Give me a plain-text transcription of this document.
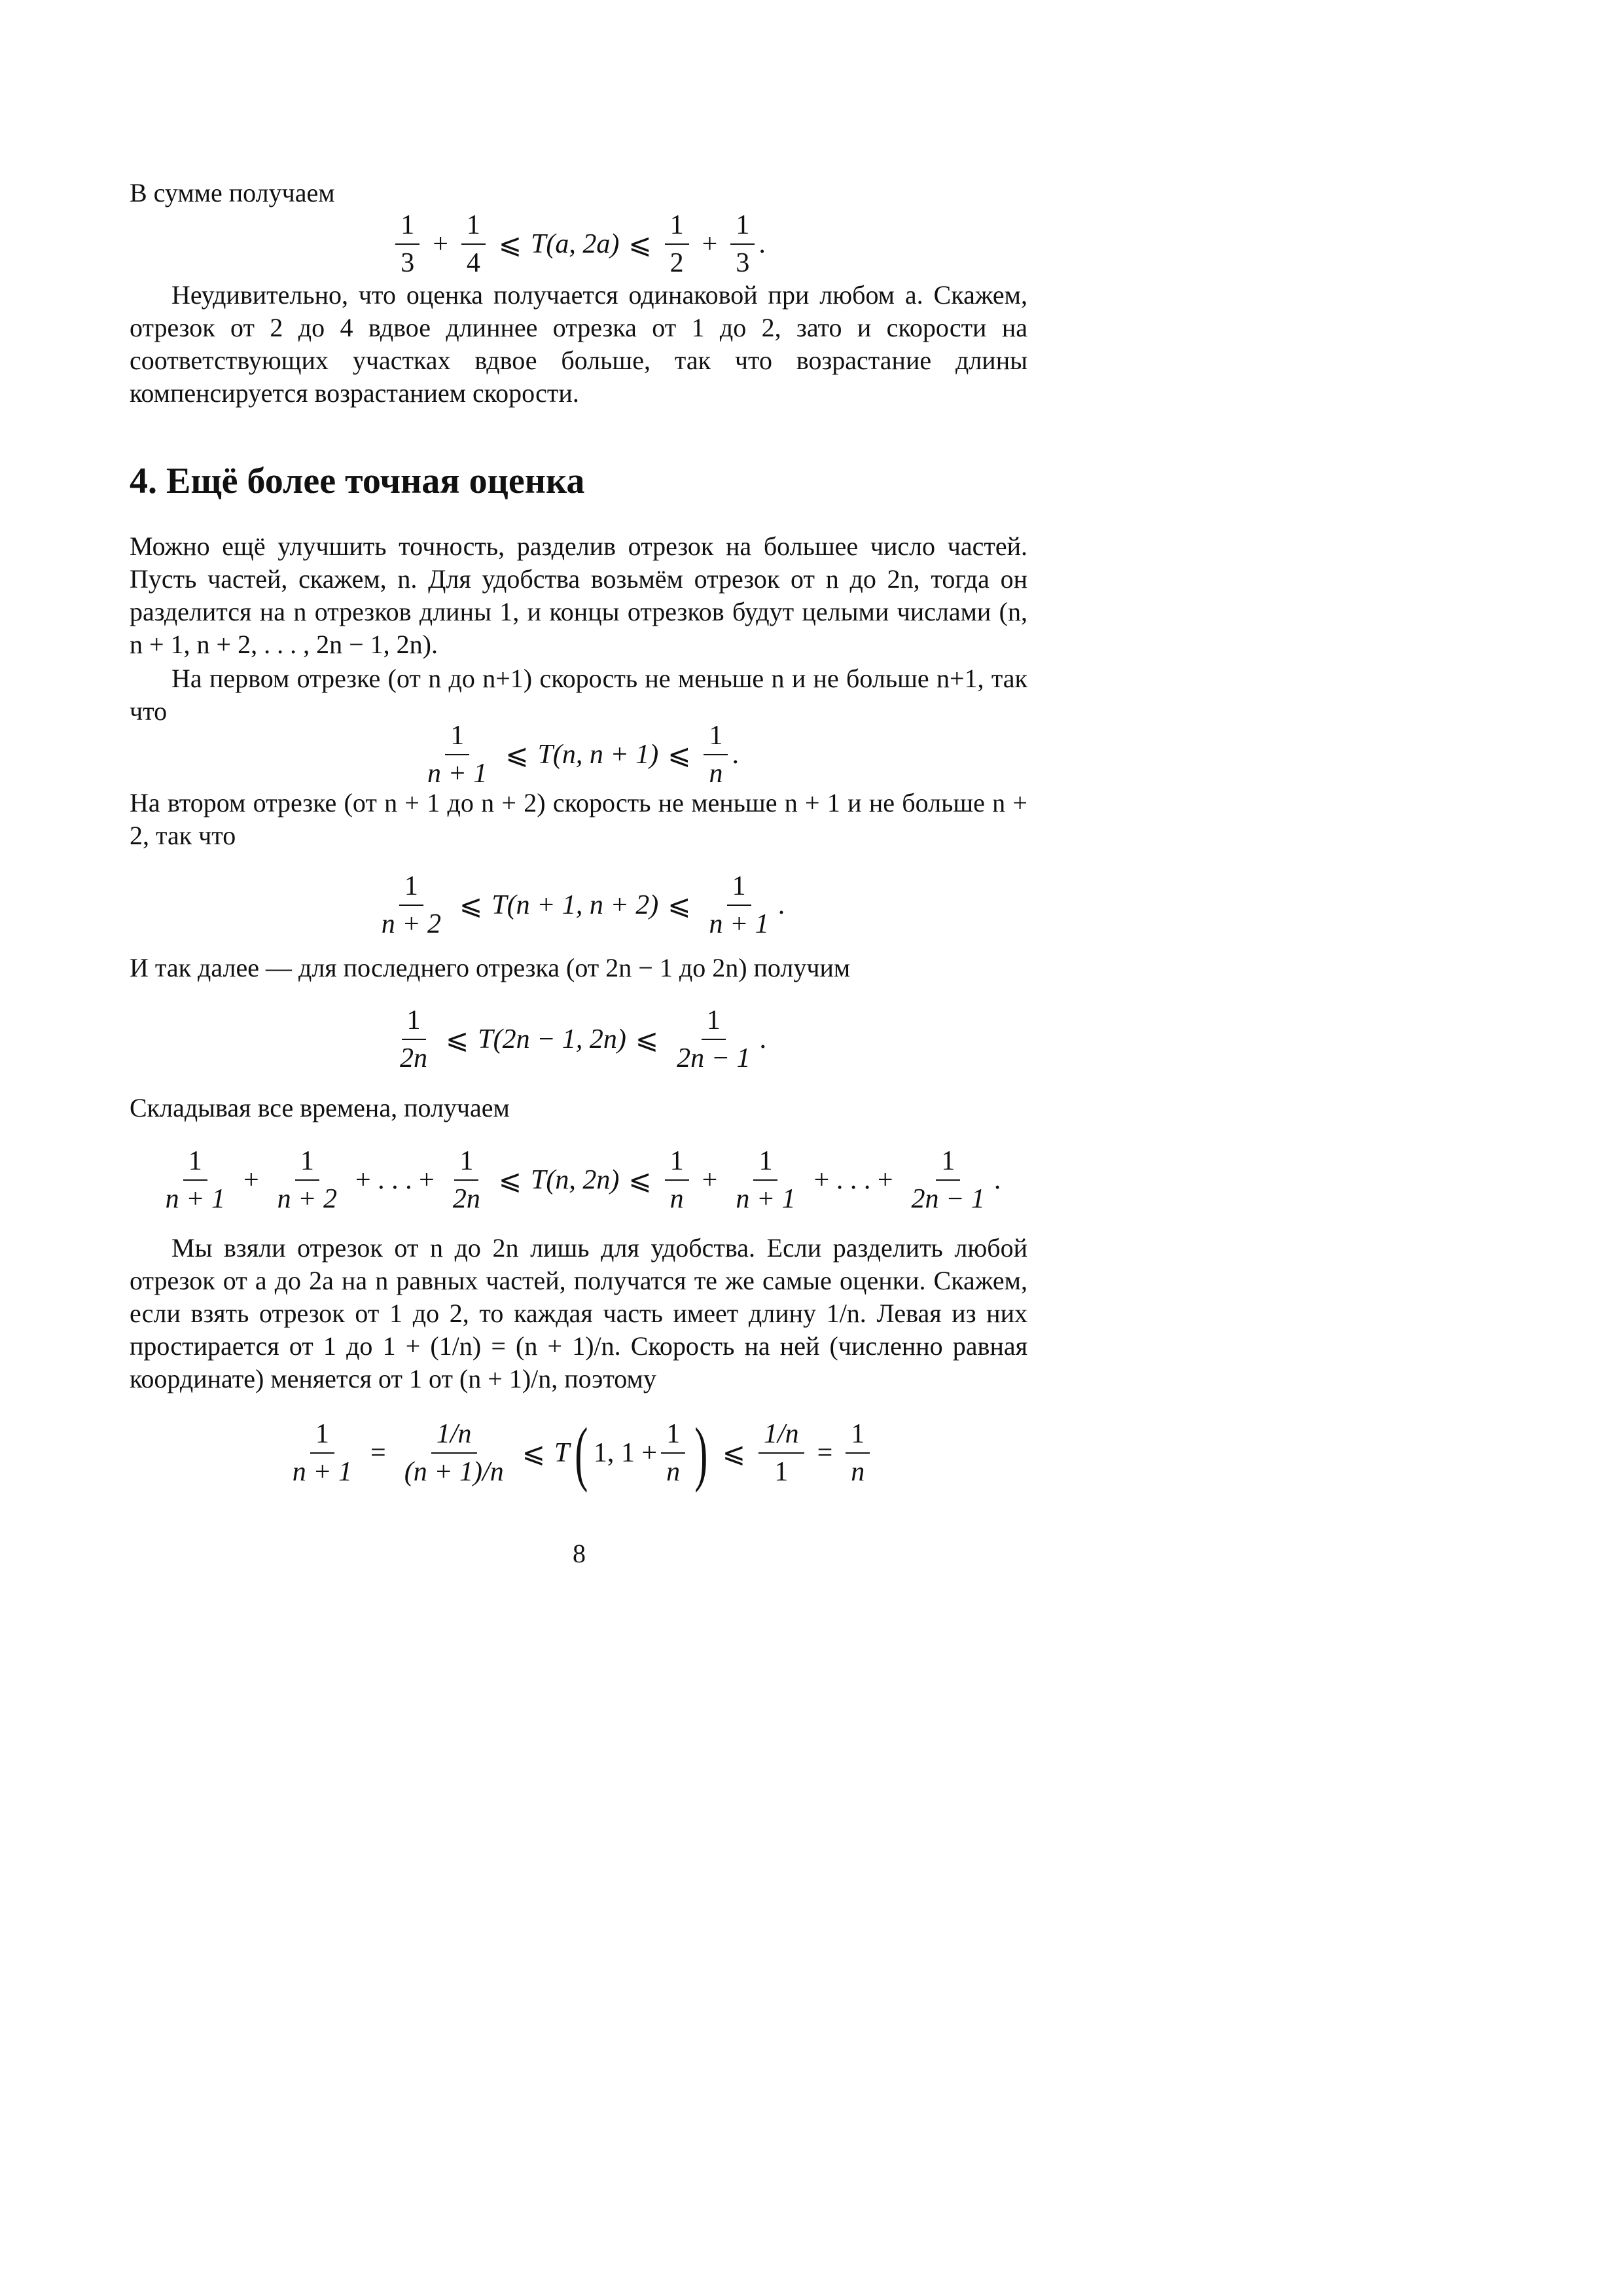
В сумме получаем

$\frac{1}{3} + \frac{1}{4}$ ⩽ T(a, 2a) ⩽ $\frac{1}{2} + \frac{1}{3}$ .

Неудивительно, что оценка получается одинаковой при любом a. Скажем, отрезок от 2 до 4 вдвое длиннее отрезка от 1 до 2, зато и скорости на соответствующих участках вдвое больше, так что возрастание длины компенсируется возрастанием скорости.

4. Ещё более точная оценка

Можно ещё улучшить точность, разделив отрезок на большее число частей. Пусть частей, скажем, n. Для удобства возьмём отрезок от n до 2n, тогда он разделится на n отрезков длины 1, и концы отрезков будут целыми числами (n, n + 1, n + 2, . . . , 2n − 1, 2n).

На первом отрезке (от n до n+1) скорость не меньше n и не больше n+1, так что

$\frac{1}{n + 1}$ ⩽ T(n, n + 1) ⩽ $\frac{1}{n}$ .

На втором отрезке (от n + 1 до n + 2) скорость не меньше n + 1 и не больше n + 2, так что

$\frac{1}{n + 2}$ ⩽ T(n + 1, n + 2) ⩽ $\frac{1}{n + 1}$ .

И так далее — для последнего отрезка (от 2n − 1 до 2n) получим

$\frac{1}{2n}$ ⩽ T(2n − 1, 2n) ⩽ $\frac{1}{2n - 1}$ .

Складывая все времена, получаем

$\frac{1}{n + 1} + \frac{1}{n + 2}$ + . . . + $\frac{1}{2n}$ ⩽ T(n, 2n) ⩽ $\frac{1}{n} + \frac{1}{n + 1}$ + . . . + $\frac{1}{2n - 1}$ .

Мы взяли отрезок от n до 2n лишь для удобства. Если разделить любой отрезок от a до 2a на n равных частей, получатся те же самые оценки. Скажем, если взять отрезок от 1 до 2, то каждая часть имеет длину 1/n. Левая из них простирается от 1 до 1 + (1/n) = (n + 1)/n. Скорость на ней (численно равная координате) меняется от 1 от (n + 1)/n, поэтому

$\frac{1}{n + 1} = \frac{1/n}{(n + 1)/n}$ ⩽ T ( 1, $1 + \frac{1}{n}$ ) ⩽ $\frac{1/n}{1} = \frac{1}{n}$
8
